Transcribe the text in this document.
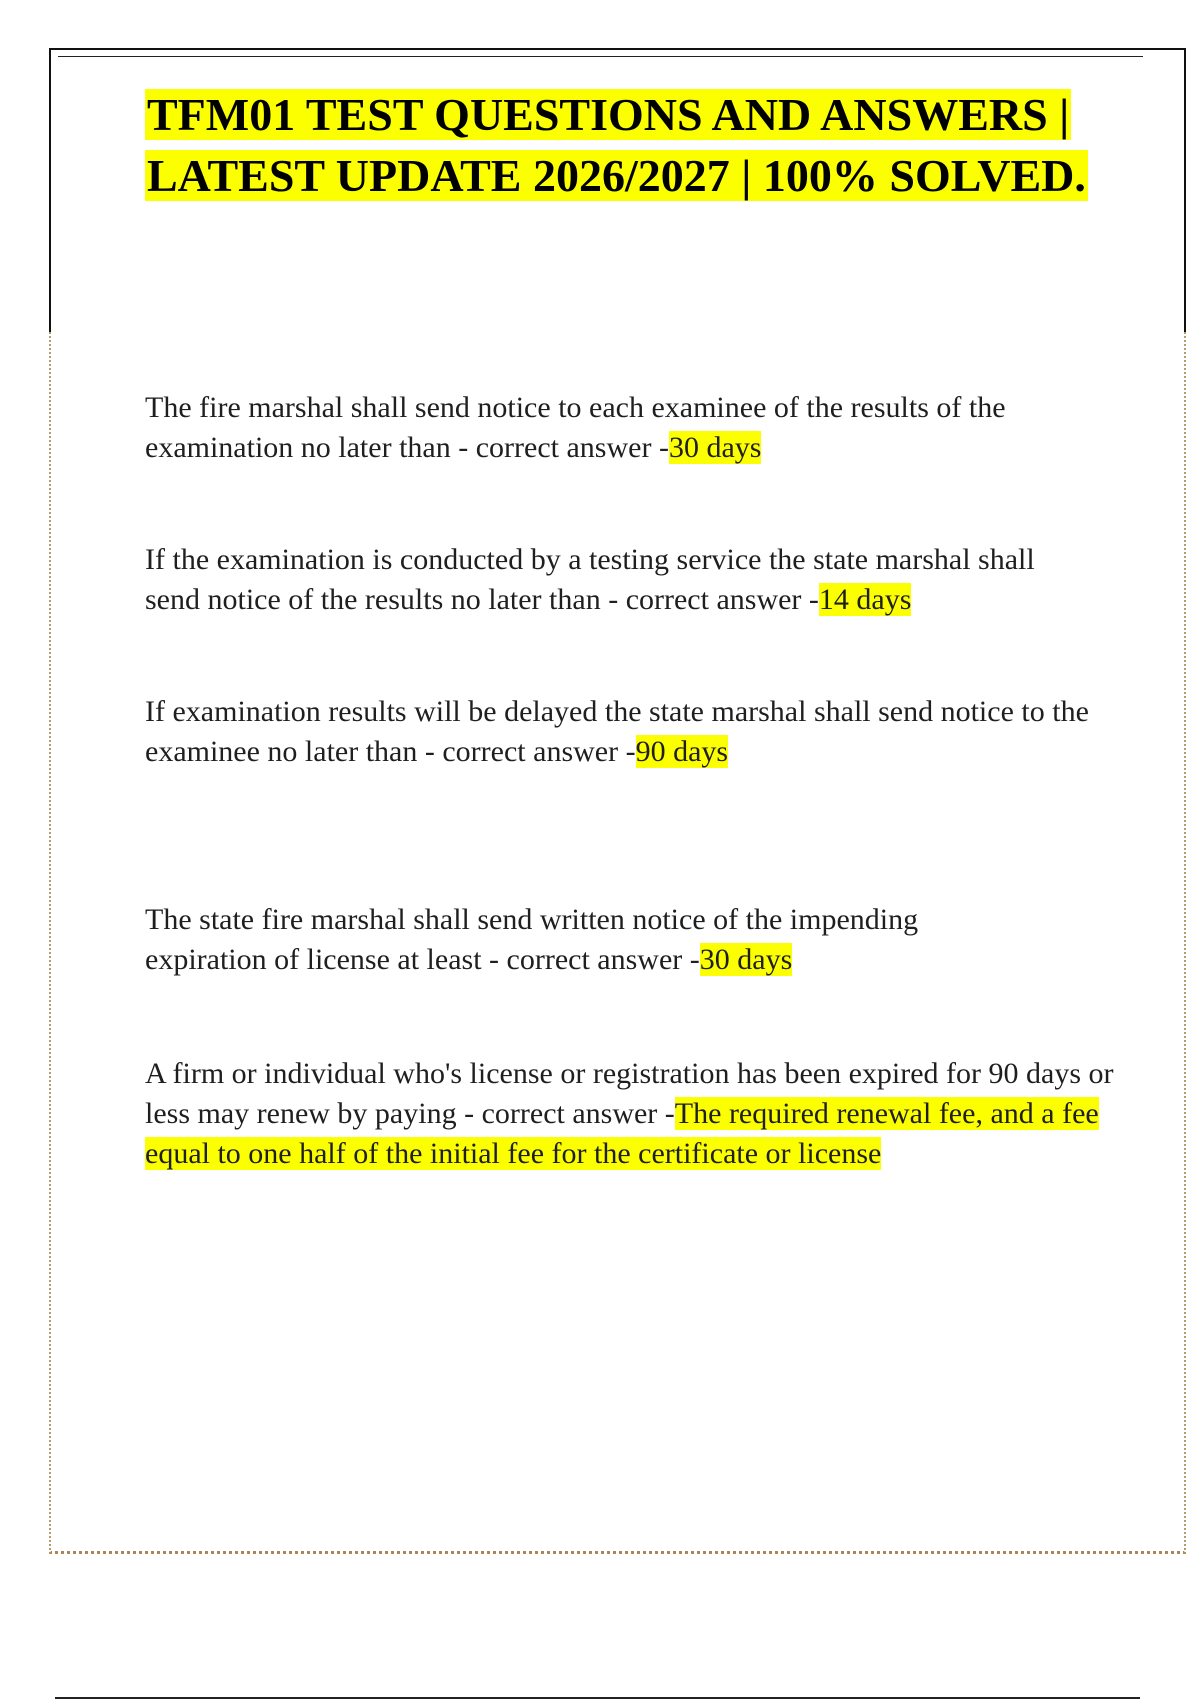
TFM01 TEST QUESTIONS AND ANSWERS |
LATEST UPDATE 2026/2027 | 100% SOLVED.

The fire marshal shall send notice to each examinee of the results of the examination no later than - correct answer -30 days

If the examination is conducted by a testing service the state marshal shall send notice of the results no later than - correct answer -14 days

If examination results will be delayed the state marshal shall send notice to the examinee no later than - correct answer -90 days

The state fire marshal shall send written notice of the impending expiration of license at least - correct answer -30 days

A firm or individual who's license or registration has been expired for 90 days or less may renew by paying - correct answer -The required renewal fee, and a fee equal to one half of the initial fee for the certificate or license
